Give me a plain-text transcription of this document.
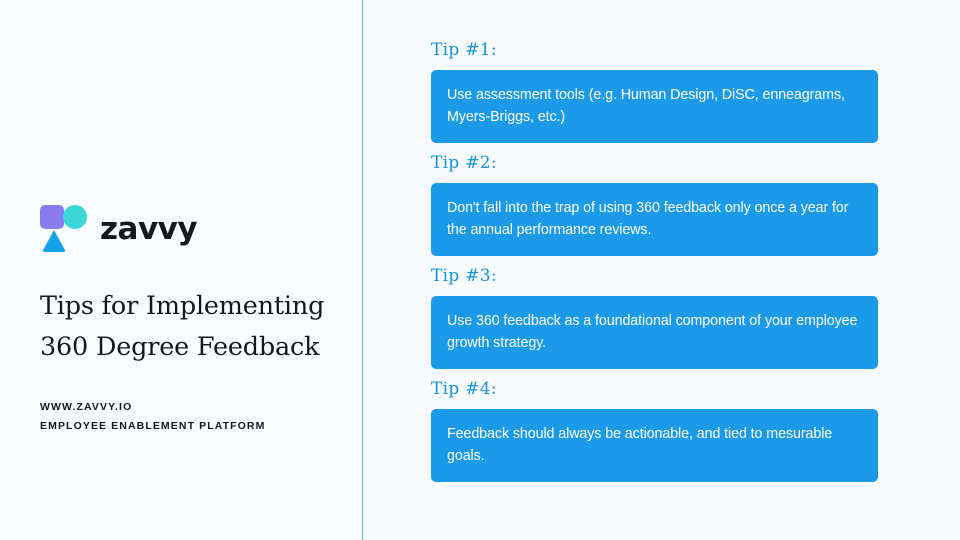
zavvy
Tips for Implementing 360 Degree Feedback
WWW.ZAVVY.IO
EMPLOYEE ENABLEMENT PLATFORM
Tip #1:

Use assessment tools (e.g. Human Design, DiSC, enneagrams, Myers-Briggs, etc.)

Tip #2:

Don't fall into the trap of using 360 feedback only once a year for the annual performance reviews.

Tip #3:

Use 360 feedback as a foundational component of your employee growth strategy.

Tip #4:

Feedback should always be actionable, and tied to mesurable goals.
